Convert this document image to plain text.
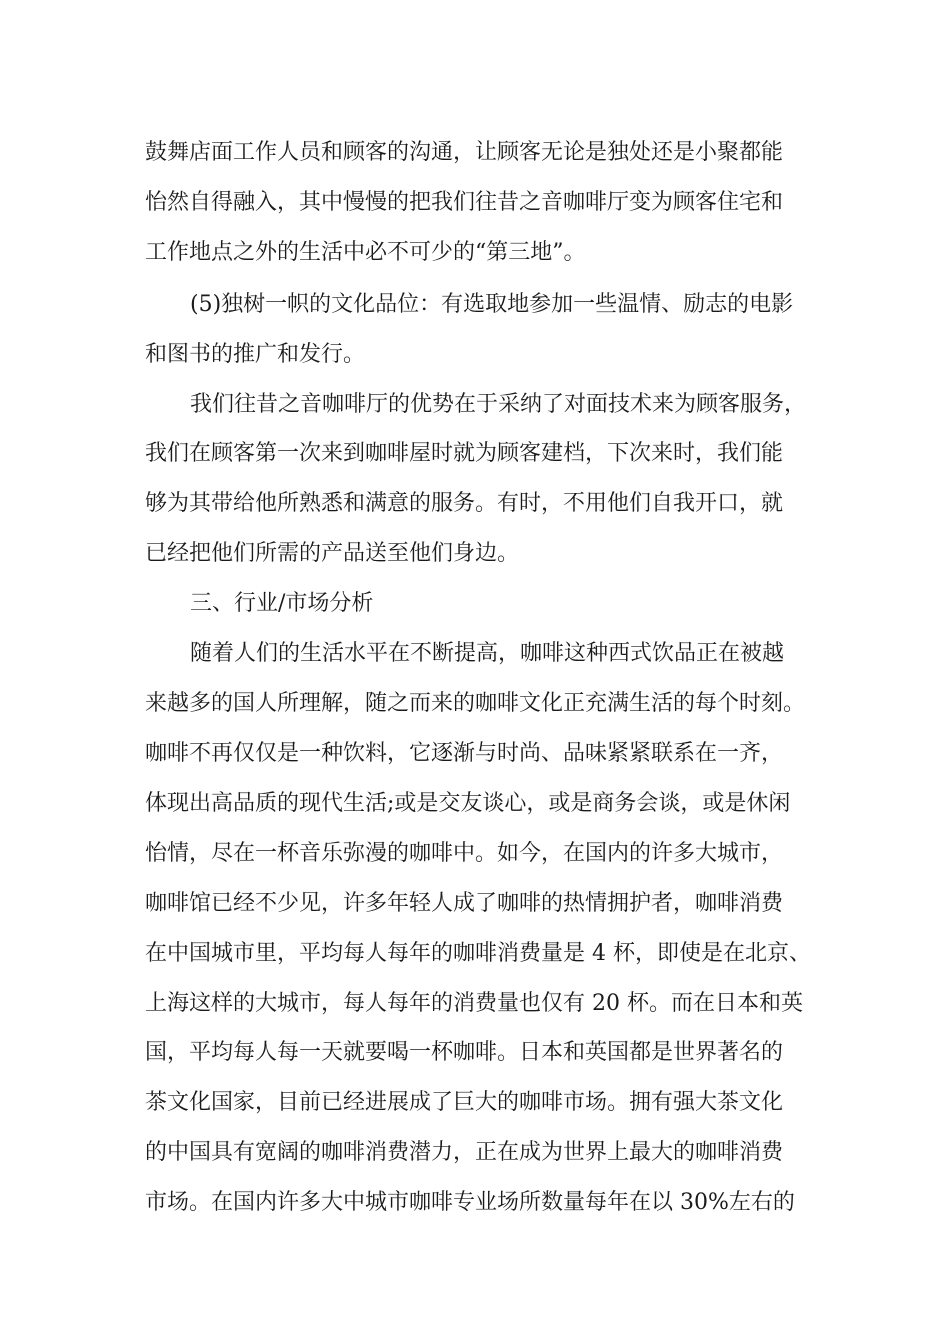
鼓舞店面工作人员和顾客的沟通，让顾客无论是独处还是小聚都能
怡然自得融入，其中慢慢的把我们往昔之音咖啡厅变为顾客住宅和
工作地点之外的生活中必不可少的“第三地”。
(5)独树一帜的文化品位：有选取地参加一些温情、励志的电影
和图书的推广和发行。
我们往昔之音咖啡厅的优势在于采纳了对面技术来为顾客服务，
我们在顾客第一次来到咖啡屋时就为顾客建档，下次来时，我们能
够为其带给他所熟悉和满意的服务。有时，不用他们自我开口，就
已经把他们所需的产品送至他们身边。
三、行业/市场分析
随着人们的生活水平在不断提高，咖啡这种西式饮品正在被越
来越多的国人所理解，随之而来的咖啡文化正充满生活的每个时刻。
咖啡不再仅仅是一种饮料，它逐渐与时尚、品味紧紧联系在一齐，
体现出高品质的现代生活;或是交友谈心，或是商务会谈，或是休闲
怡情，尽在一杯音乐弥漫的咖啡中。如今，在国内的许多大城市，
咖啡馆已经不少见，许多年轻人成了咖啡的热情拥护者，咖啡消费
在中国城市里，平均每人每年的咖啡消费量是 4 杯，即使是在北京、
上海这样的大城市，每人每年的消费量也仅有 20 杯。而在日本和英
国，平均每人每一天就要喝一杯咖啡。日本和英国都是世界著名的
茶文化国家，目前已经进展成了巨大的咖啡市场。拥有强大茶文化
的中国具有宽阔的咖啡消费潜力，正在成为世界上最大的咖啡消费
市场。在国内许多大中城市咖啡专业场所数量每年在以 30%左右的
